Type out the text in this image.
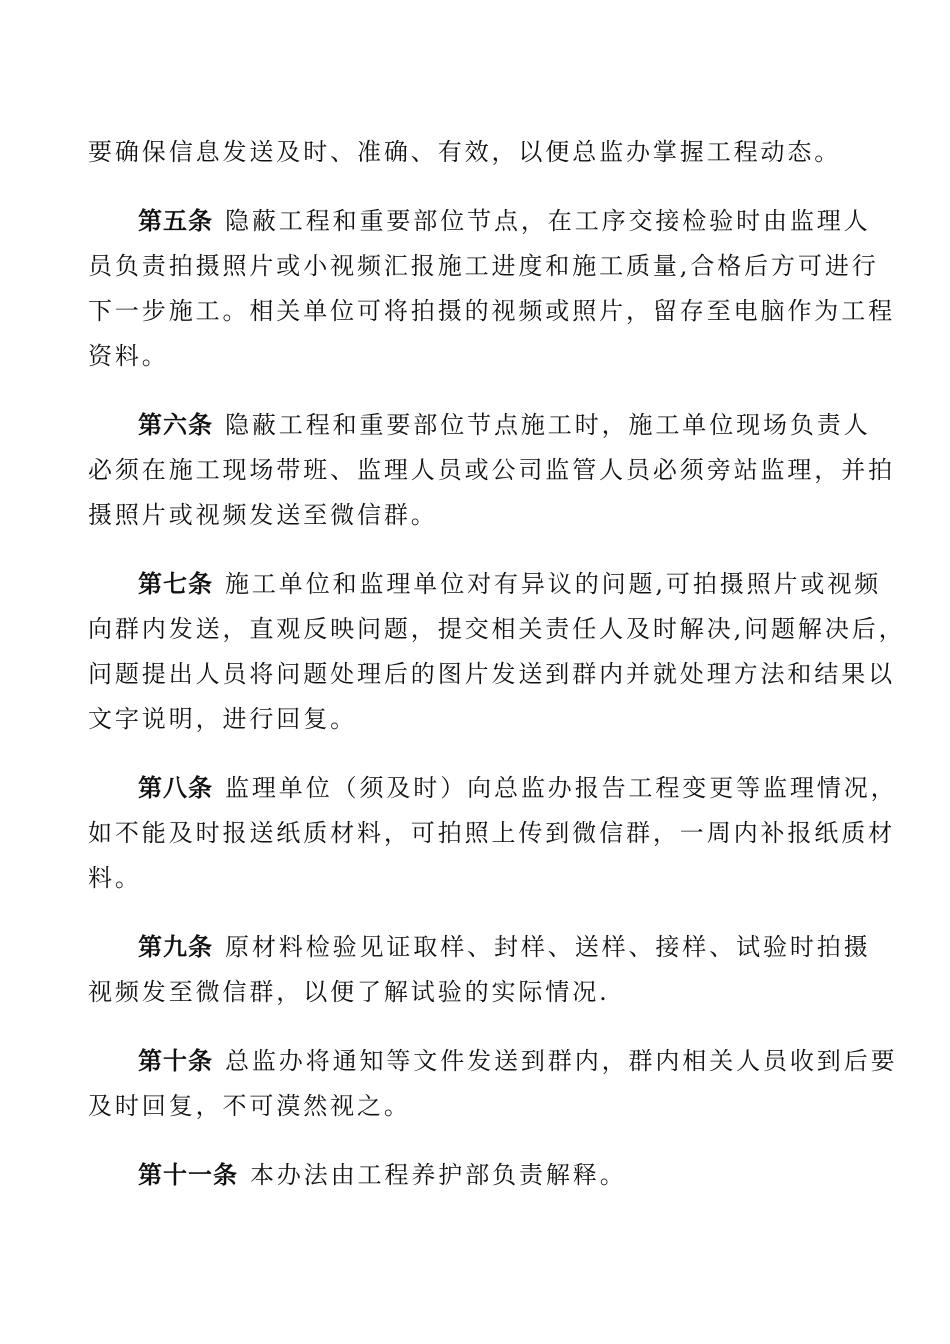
要确保信息发送及时、准确、有效，以便总监办掌握工程动态。
第五条 隐蔽工程和重要部位节点，在工序交接检验时由监理人
员负责拍摄照片或小视频汇报施工进度和施工质量,合格后方可进行
下一步施工。相关单位可将拍摄的视频或照片，留存至电脑作为工程
资料。
第六条 隐蔽工程和重要部位节点施工时，施工单位现场负责人
必须在施工现场带班、监理人员或公司监管人员必须旁站监理，并拍
摄照片或视频发送至微信群。
第七条 施工单位和监理单位对有异议的问题,可拍摄照片或视频
向群内发送，直观反映问题，提交相关责任人及时解决,问题解决后，
问题提出人员将问题处理后的图片发送到群内并就处理方法和结果以
文字说明，进行回复。
第八条 监理单位（须及时）向总监办报告工程变更等监理情况，
如不能及时报送纸质材料，可拍照上传到微信群，一周内补报纸质材
料。
第九条 原材料检验见证取样、封样、送样、接样、试验时拍摄
视频发至微信群，以便了解试验的实际情况.
第十条 总监办将通知等文件发送到群内，群内相关人员收到后要
及时回复，不可漠然视之。
第十一条 本办法由工程养护部负责解释。
